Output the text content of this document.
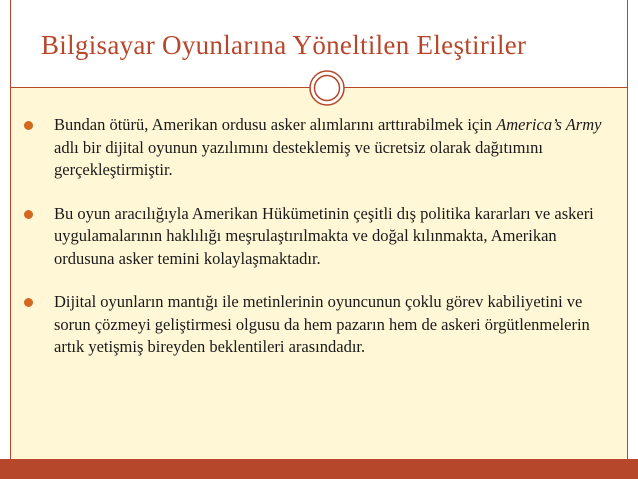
Bilgisayar Oyunlarına Yöneltilen Eleştiriler
Bundan ötürü, Amerikan ordusu asker alımlarını arttırabilmek için America’s Army adlı bir dijital oyunun yazılımını desteklemiş ve ücretsiz olarak dağıtımını gerçekleştirmiştir.
Bu oyun aracılığıyla Amerikan Hükümetinin çeşitli dış politika kararları ve askeri uygulamalarının haklılığı meşrulaştırılmakta ve doğal kılınmakta, Amerikan ordusuna asker temini kolaylaşmaktadır.
Dijital oyunların mantığı ile metinlerinin oyuncunun çoklu görev kabiliyetini ve sorun çözmeyi geliştirmesi olgusu da hem pazarın hem de askeri örgütlenmelerin artık yetişmiş bireyden beklentileri arasındadır.
